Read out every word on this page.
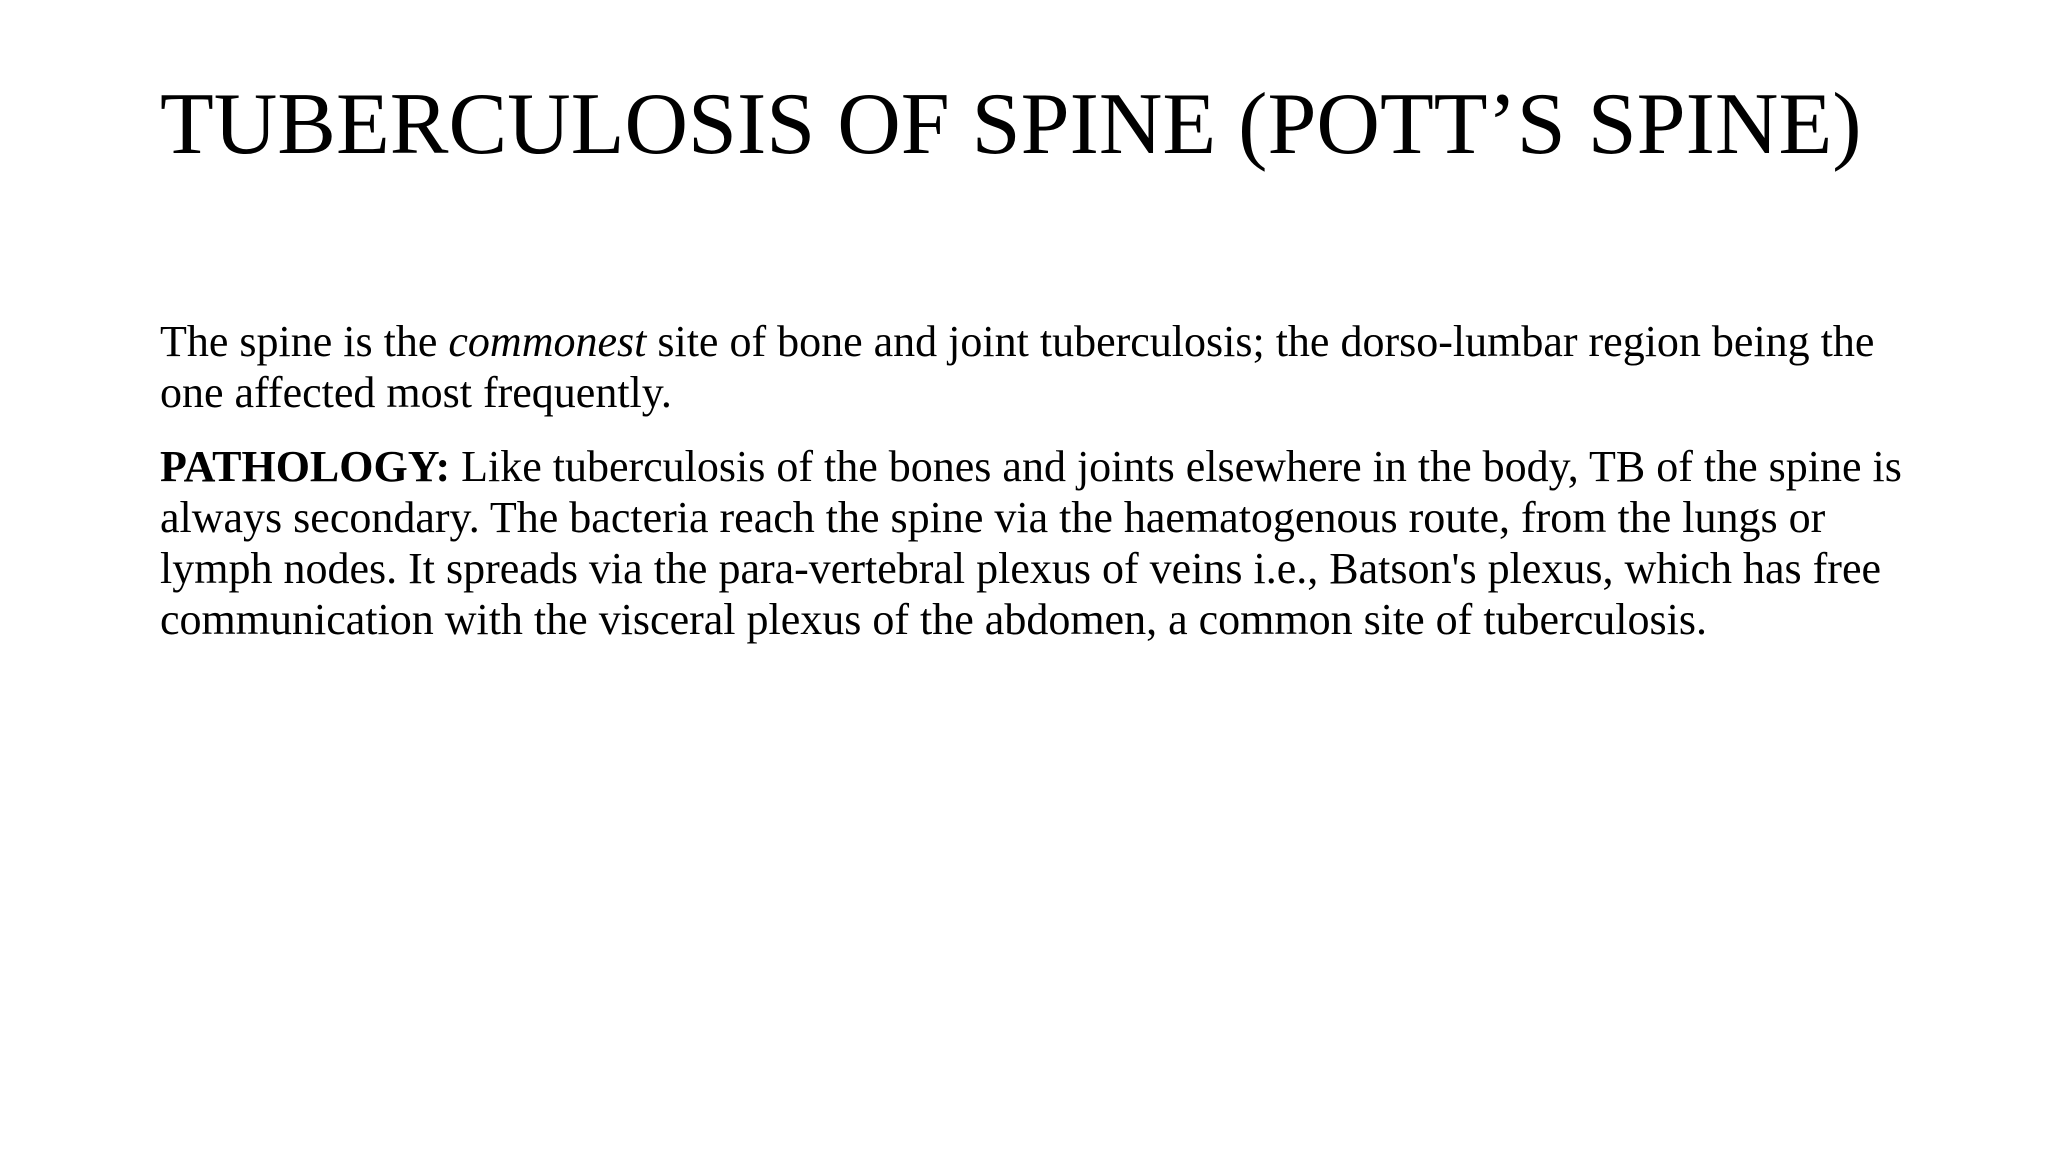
TUBERCULOSIS OF SPINE (POTT’S SPINE)

The spine is the commonest site of bone and joint tuberculosis; the dorso-lumbar region being the one affected most frequently.

PATHOLOGY: Like tuberculosis of the bones and joints elsewhere in the body, TB of the spine is always secondary. The bacteria reach the spine via the haematogenous route, from the lungs or lymph nodes. It spreads via the para-vertebral plexus of veins i.e., Batson's plexus, which has free communication with the visceral plexus of the abdomen, a common site of tuberculosis.
